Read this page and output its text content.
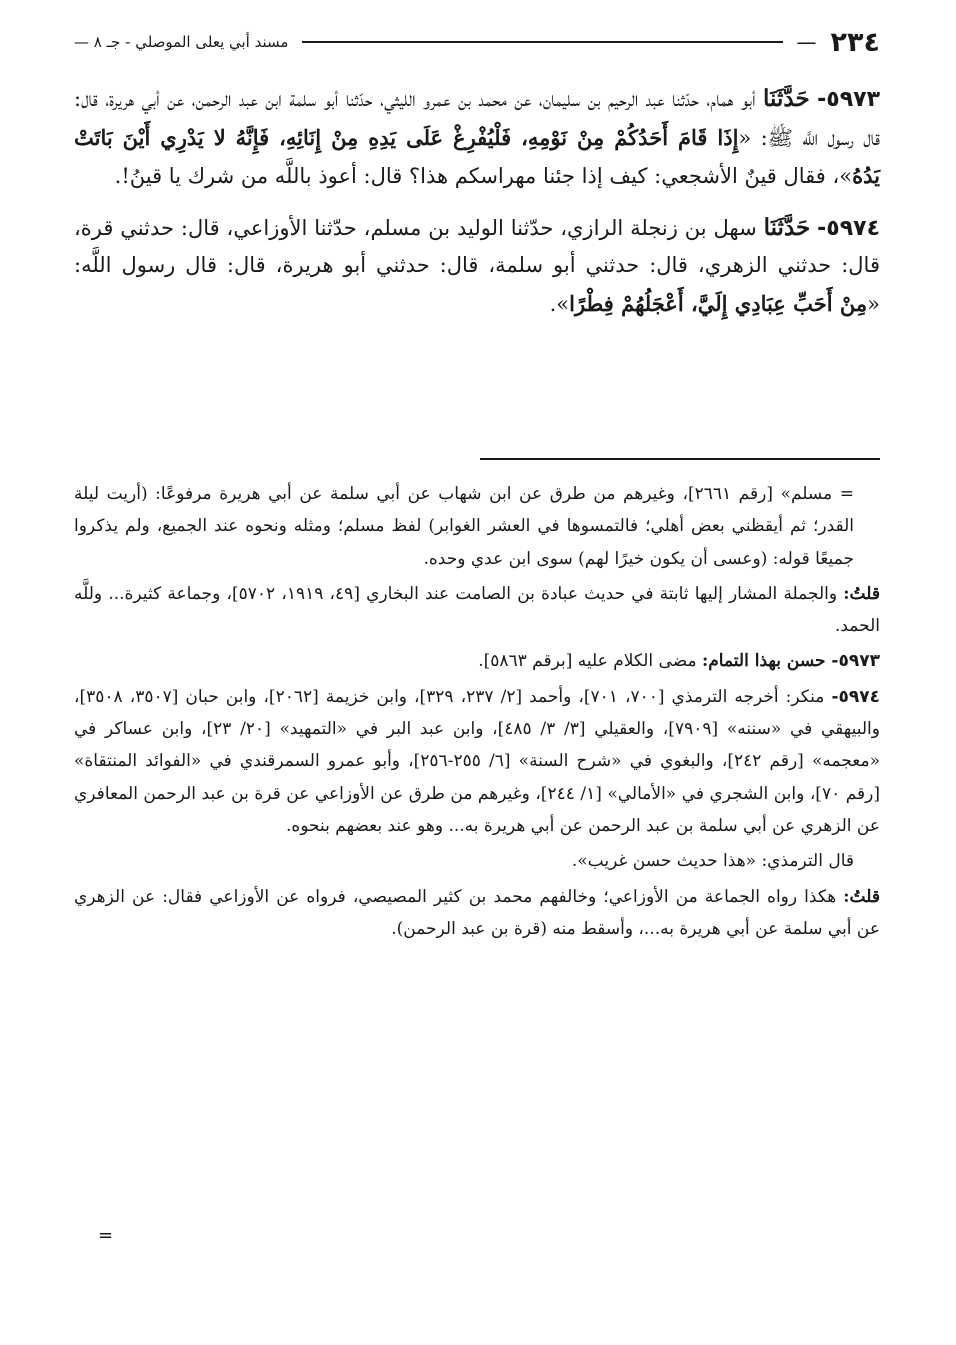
٢٣٤
—
مسند أبي يعلى الموصلي - جـ ٨ —

٥٩٧٣- حَدَّثَنَا أبو همام، حدّثنا عبد الرحيم بن سليمان، عن محمد بن عمرو الليثي، حدّثنا أبو سلمة ابن عبد الرحمن، عن أبي هريرة، قال: قال رسول اللَّه ﷺ: «إِذَا قَامَ أَحَدُكُمْ مِنْ نَوْمِهِ، فَلْيُفْرِغْ عَلَى يَدِهِ مِنْ إِنَائِهِ، فَإِنَّهُ لا يَدْرِي أَيْنَ بَاتَتْ يَدُهُ»، فقال قينٌ الأشجعي: كيف إذا جئنا مهراسكم هذا؟ قال: أعوذ باللَّه من شرك يا قينُ!.

٥٩٧٤- حَدَّثَنَا سهل بن زنجلة الرازي، حدّثنا الوليد بن مسلم، حدّثنا الأوزاعي، قال: حدثني قرة، قال: حدثني الزهري، قال: حدثني أبو سلمة، قال: حدثني أبو هريرة، قال: قال رسول اللَّه: «مِنْ أَحَبِّ عِبَادِي إِلَيَّ، أَعْجَلُهُمْ فِطْرًا».

= مسلم» [رقم ٢٦٦١]، وغيرهم من طرق عن ابن شهاب عن أبي سلمة عن أبي هريرة مرفوعًا: (أريت ليلة القدر؛ ثم أيقظني بعض أهلي؛ فالتمسوها في العشر الغوابر) لفظ مسلم؛ ومثله ونحوه عند الجميع، ولم يذكروا جميعًا قوله: (وعسى أن يكون خيرًا لهم) سوى ابن عدي وحده.

قلتُ: والجملة المشار إليها ثابتة في حديث عبادة بن الصامت عند البخاري [٤٩، ١٩١٩، ٥٧٠٢]، وجماعة كثيرة... وللَّه الحمد.

٥٩٧٣- حسن بهذا التمام: مضى الكلام عليه [برقم ٥٨٦٣].

٥٩٧٤- منكر: أخرجه الترمذي [٧٠٠، ٧٠١]، وأحمد [٢/ ٢٣٧، ٣٢٩]، وابن خزيمة [٢٠٦٢]، وابن حبان [٣٥٠٧، ٣٥٠٨]، والبيهقي في «سننه» [٧٩٠٩]، والعقيلي [٣/ ٣/ ٤٨٥]، وابن عبد البر في «التمهيد» [٢٠/ ٢٣]، وابن عساكر في «معجمه» [رقم ٢٤٢]، والبغوي في «شرح السنة» [٦/ ٢٥٥-٢٥٦]، وأبو عمرو السمرقندي في «الفوائد المنتقاة» [رقم ٧٠]، وابن الشجري في «الأمالي» [١/ ٢٤٤]، وغيرهم من طرق عن الأوزاعي عن قرة بن عبد الرحمن المعافري عن الزهري عن أبي سلمة بن عبد الرحمن عن أبي هريرة به... وهو عند بعضهم بنحوه.

قال الترمذي: «هذا حديث حسن غريب».

قلتُ: هكذا رواه الجماعة من الأوزاعي؛ وخالفهم محمد بن كثير المصيصي، فرواه عن الأوزاعي فقال: عن الزهري عن أبي سلمة عن أبي هريرة به...، وأسقط منه (قرة بن عبد الرحمن).

=
